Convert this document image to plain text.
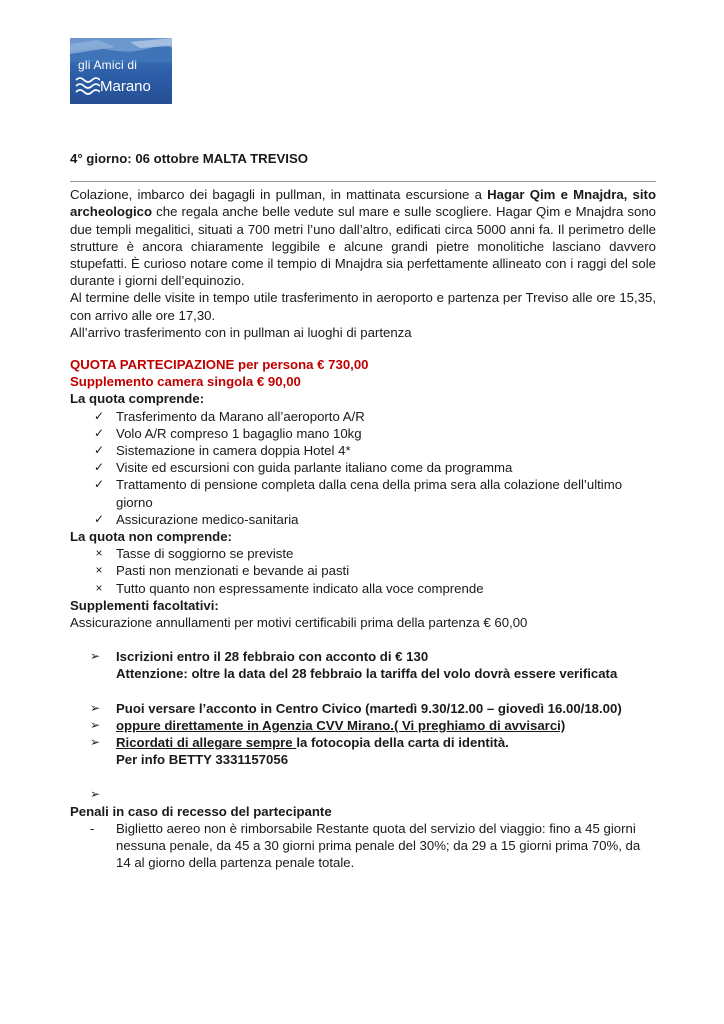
gli Amici di
Marano

4° giorno: 06 ottobre MALTA TREVISO

Colazione, imbarco dei bagagli in pullman, in mattinata escursione a Hagar Qim e Mnajdra, sito archeologico che regala anche belle vedute sul mare e sulle scogliere. Hagar Qim e Mnajdra sono due templi megalitici, situati a 700 metri l’uno dall’altro, edificati circa 5000 anni fa. Il perimetro delle strutture è ancora chiaramente leggibile e alcune grandi pietre monolitiche lasciano davvero stupefatti. È curioso notare come il tempio di Mnajdra sia perfettamente allineato con i raggi del sole durante i giorni dell’equinozio.

Al termine delle visite in tempo utile trasferimento in aeroporto e partenza per Treviso alle ore 15,35, con arrivo alle ore 17,30.

All’arrivo trasferimento con in pullman ai luoghi di partenza

QUOTA PARTECIPAZIONE per persona € 730,00

Supplemento camera singola € 90,00

La quota comprende:

✓ Trasferimento da Marano all’aeroporto A/R
✓ Volo A/R compreso 1 bagaglio mano 10kg
✓ Sistemazione in camera doppia Hotel 4*
✓ Visite ed escursioni con guida parlante italiano come da programma
✓ Trattamento di pensione completa dalla cena della prima sera alla colazione dell’ultimo giorno
✓ Assicurazione medico-sanitaria

La quota non comprende:

×	Tasse di soggiorno se previste
×	Pasti non menzionati e bevande ai pasti
×	Tutto quanto non espressamente indicato alla voce comprende

Supplementi facoltativi:

Assicurazione annullamenti per motivi certificabili prima della partenza € 60,00

➢ Iscrizioni entro il 28 febbraio con acconto di € 130
Attenzione: oltre la data del 28 febbraio la tariffa del volo dovrà essere verificata
➢ Puoi versare l’acconto in Centro Civico (martedì 9.30/12.00 – giovedì 16.00/18.00)
➢ oppure direttamente in Agenzia CVV Mirano.( Vi preghiamo di avvisarci)
➢ Ricordati di allegare sempre la fotocopia della carta di identità.
Per info BETTY 3331157056
➢

Penali in caso di recesso del partecipante

- Biglietto aereo non è rimborsabile Restante quota del servizio del viaggio: fino a 45 giorni nessuna penale, da 45 a 30 giorni prima penale del 30%; da 29 a 15 giorni prima 70%, da 14 al giorno della partenza penale totale.
